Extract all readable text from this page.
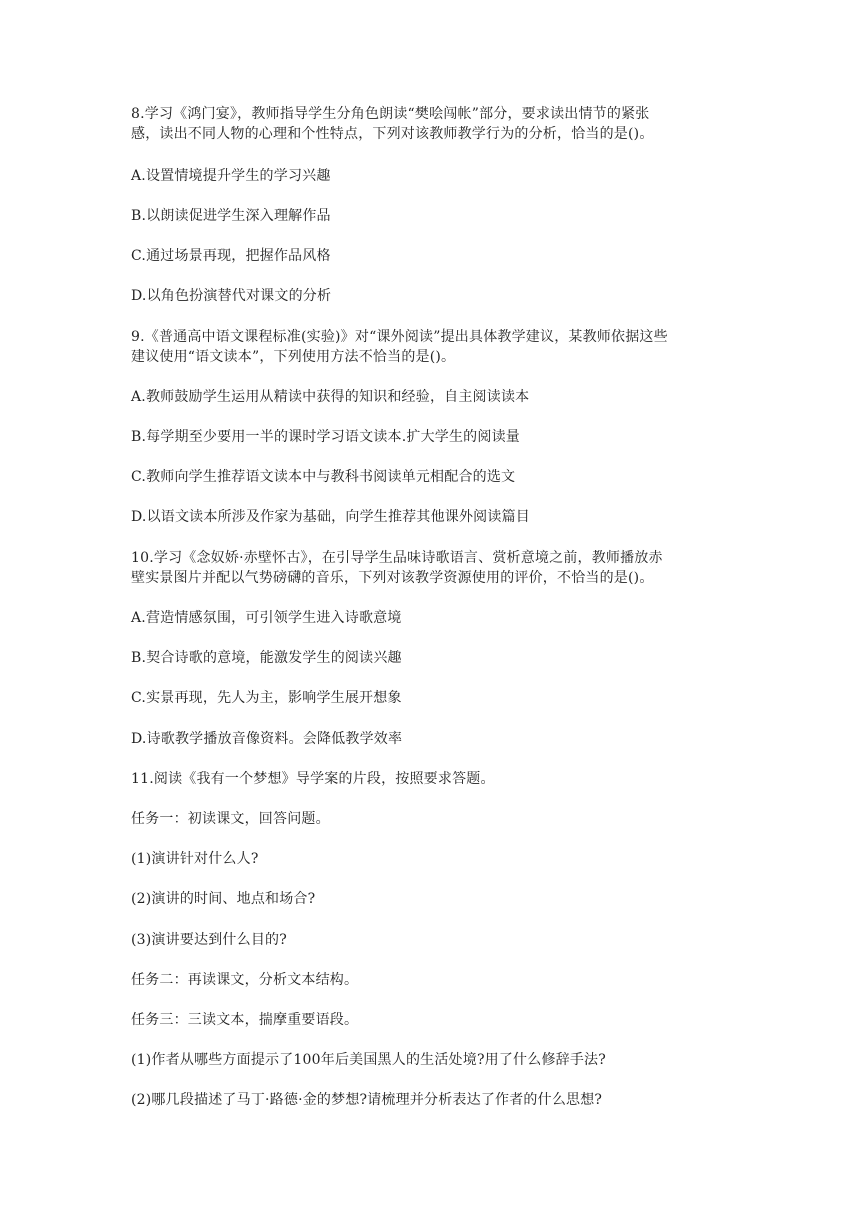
8.学习《鸿门宴》，教师指导学生分角色朗读“樊哙闯帐”部分，要求读出情节的紧张
感，读出不同人物的心理和个性特点，下列对该教师教学行为的分析，恰当的是()。
A.设置情境提升学生的学习兴趣
B.以朗读促进学生深入理解作品
C.通过场景再现，把握作品风格
D.以角色扮演替代对课文的分析
9.《普通高中语文课程标准(实验)》对“课外阅读”提出具体教学建议，某教师依据这些
建议使用“语文读本”，下列使用方法不恰当的是()。
A.教师鼓励学生运用从精读中获得的知识和经验，自主阅读读本
B.每学期至少要用一半的课时学习语文读本.扩大学生的阅读量
C.教师向学生推荐语文读本中与教科书阅读单元相配合的选文
D.以语文读本所涉及作家为基础，向学生推荐其他课外阅读篇目
10.学习《念奴娇·赤壁怀古》，在引导学生品味诗歌语言、赏析意境之前，教师播放赤
壁实景图片并配以气势磅礴的音乐，下列对该教学资源使用的评价，不恰当的是()。
A.营造情感氛围，可引领学生进入诗歌意境
B.契合诗歌的意境，能激发学生的阅读兴趣
C.实景再现，先人为主，影响学生展开想象
D.诗歌教学播放音像资料。会降低教学效率
11.阅读《我有一个梦想》导学案的片段，按照要求答题。
任务一：初读课文，回答问题。
(1)演讲针对什么人?
(2)演讲的时间、地点和场合?
(3)演讲要达到什么目的?
任务二：再读课文，分析文本结构。
任务三：三读文本，揣摩重要语段。
(1)作者从哪些方面提示了100年后美国黑人的生活处境?用了什么修辞手法?
(2)哪几段描述了马丁·路德·金的梦想?请梳理并分析表达了作者的什么思想?
